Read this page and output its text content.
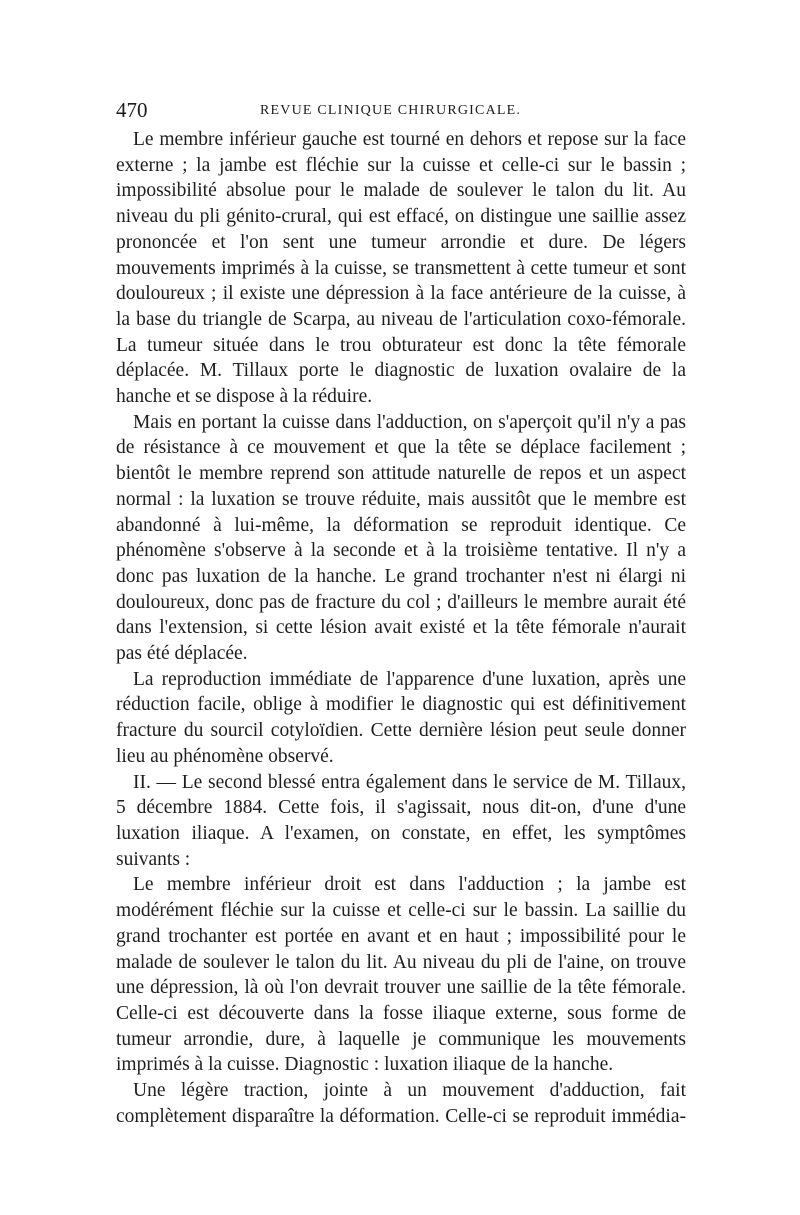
470	REVUE CLINIQUE CHIRURGICALE.

Le membre inférieur gauche est tourné en dehors et repose sur la face externe ; la jambe est fléchie sur la cuisse et celle-ci sur le bassin ; impossibilité absolue pour le malade de soulever le talon du lit. Au niveau du pli génito-crural, qui est effacé, on distingue une saillie assez prononcée et l'on sent une tumeur arrondie et dure. De légers mouvements imprimés à la cuisse, se transmettent à cette tumeur et sont douloureux ; il existe une dépression à la face antérieure de la cuisse, à la base du triangle de Scarpa, au niveau de l'articulation coxo-fémorale. La tumeur située dans le trou obturateur est donc la tête fémorale déplacée. M. Tillaux porte le diagnostic de luxation ovalaire de la hanche et se dispose à la réduire.

Mais en portant la cuisse dans l'adduction, on s'aperçoit qu'il n'y a pas de résistance à ce mouvement et que la tête se déplace facilement ; bientôt le membre reprend son attitude naturelle de repos et un aspect normal : la luxation se trouve réduite, mais aussitôt que le membre est abandonné à lui-même, la déformation se reproduit identique. Ce phénomène s'observe à la seconde et à la troisième tentative. Il n'y a donc pas luxation de la hanche. Le grand trochanter n'est ni élargi ni douloureux, donc pas de fracture du col ; d'ailleurs le membre aurait été dans l'extension, si cette lésion avait existé et la tête fémorale n'aurait pas été déplacée.

La reproduction immédiate de l'apparence d'une luxation, après une réduction facile, oblige à modifier le diagnostic qui est définitivement fracture du sourcil cotyloïdien. Cette dernière lésion peut seule donner lieu au phénomène observé.

II. — Le second blessé entra également dans le service de M. Tillaux, 5 décembre 1884. Cette fois, il s'agissait, nous dit-on, d'une d'une luxation iliaque. A l'examen, on constate, en effet, les symptômes suivants :

Le membre inférieur droit est dans l'adduction ; la jambe est modérément fléchie sur la cuisse et celle-ci sur le bassin. La saillie du grand trochanter est portée en avant et en haut ; impossibilité pour le malade de soulever le talon du lit. Au niveau du pli de l'aine, on trouve une dépression, là où l'on devrait trouver une saillie de la tête fémorale. Celle-ci est découverte dans la fosse iliaque externe, sous forme de tumeur arrondie, dure, à laquelle je communique les mouvements imprimés à la cuisse. Diagnostic : luxation iliaque de la hanche.

Une légère traction, jointe à un mouvement d'adduction, fait complètement disparaître la déformation. Celle-ci se reproduit immédia-
